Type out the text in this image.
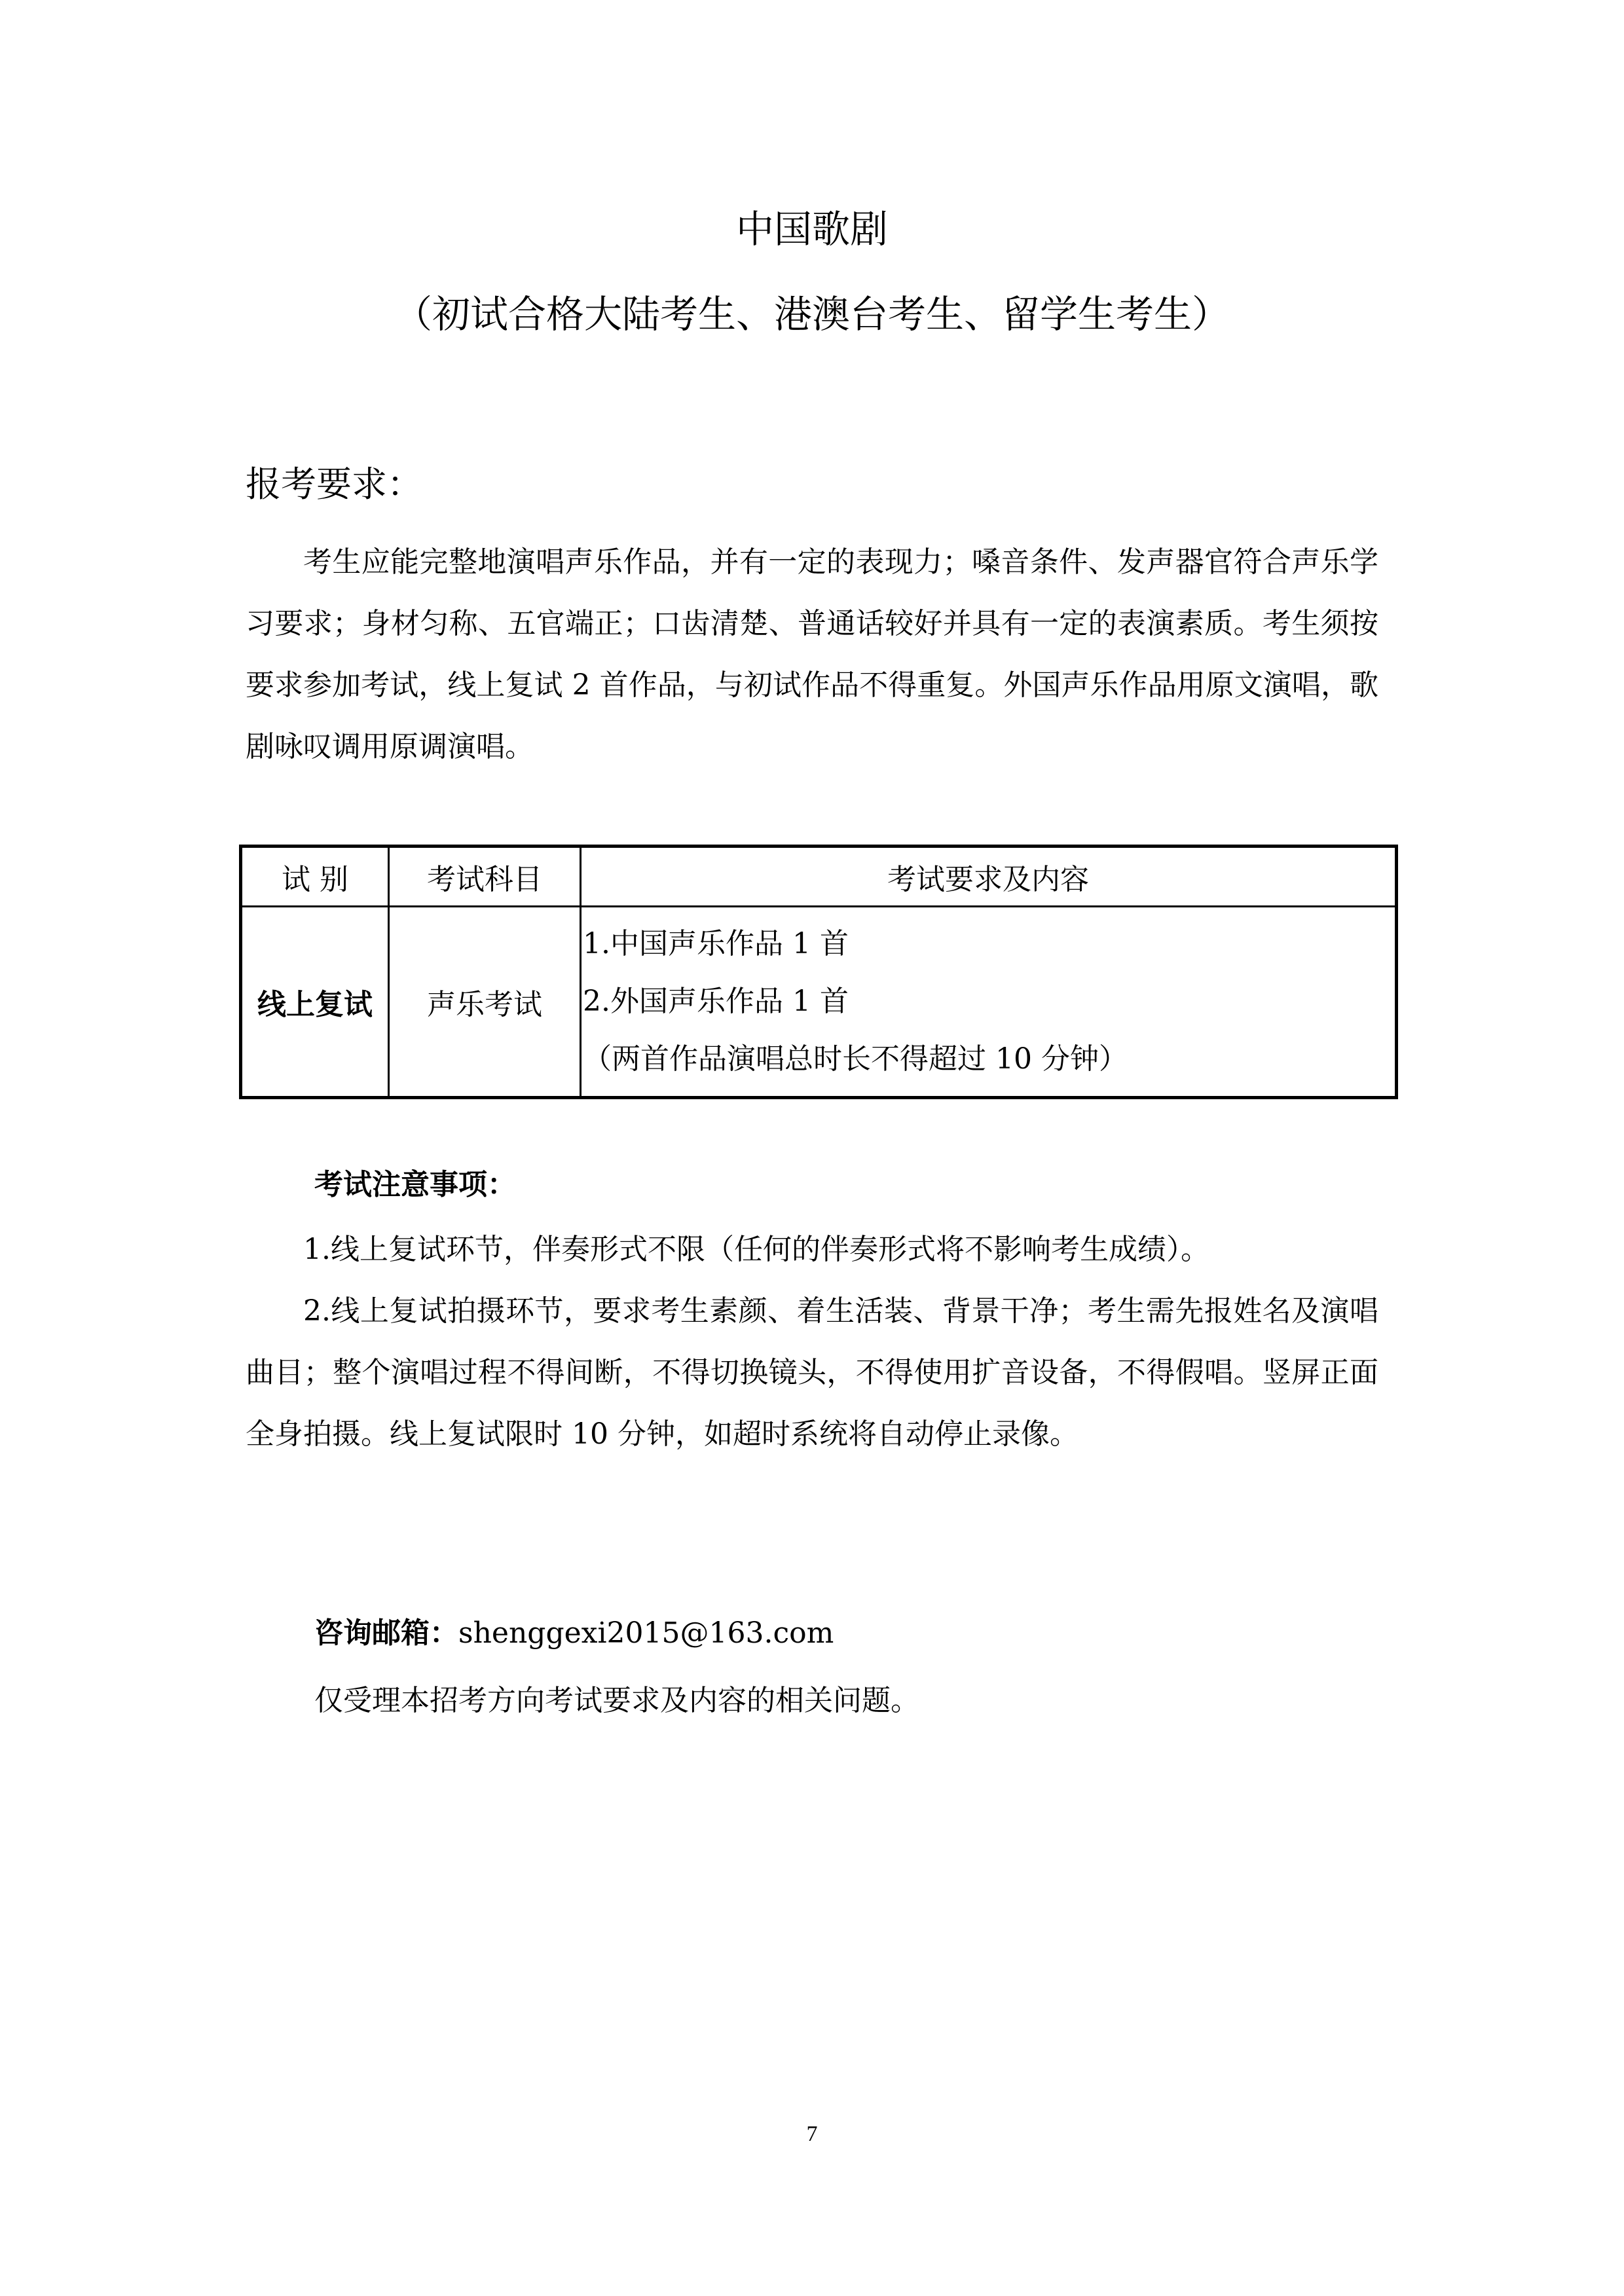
中国歌剧
（初试合格大陆考生、港澳台考生、留学生考生）
报考要求：

考生应能完整地演唱声乐作品，并有一定的表现力；嗓音条件、发声器官符合声乐学习要求；身材匀称、五官端正；口齿清楚、普通话较好并具有一定的表演素质。考生须按要求参加考试，线上复试 2 首作品，与初试作品不得重复。外国声乐作品用原文演唱，歌剧咏叹调用原调演唱。

试 别	考试科目	考试要求及内容
线上复试	声乐考试	1.中国声乐作品 1 首
2.外国声乐作品 1 首
（两首作品演唱总时长不得超过 10 分钟）
考试注意事项：

1.线上复试环节，伴奏形式不限（任何的伴奏形式将不影响考生成绩）。

2.线上复试拍摄环节，要求考生素颜、着生活装、背景干净；考生需先报姓名及演唱曲目；整个演唱过程不得间断，不得切换镜头，不得使用扩音设备，不得假唱。竖屏正面全身拍摄。线上复试限时 10 分钟，如超时系统将自动停止录像。

咨询邮箱：shenggexi2015@163.com
仅受理本招考方向考试要求及内容的相关问题。
7
